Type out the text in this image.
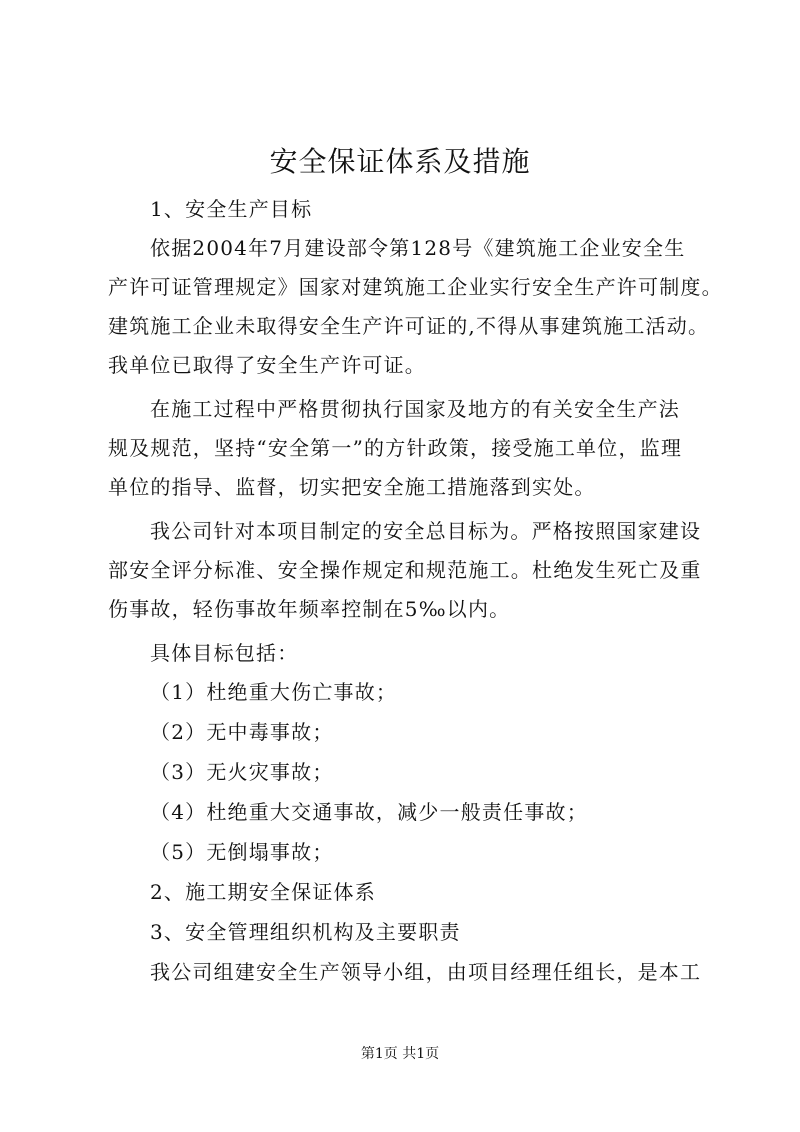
安全保证体系及措施

1、安全生产目标

依据2004年7月建设部令第128号《建筑施工企业安全生

产许可证管理规定》国家对建筑施工企业实行安全生产许可制度。

建筑施工企业未取得安全生产许可证的,不得从事建筑施工活动。

我单位已取得了安全生产许可证。

在施工过程中严格贯彻执行国家及地方的有关安全生产法

规及规范，坚持“安全第一”的方针政策，接受施工单位，监理

单位的指导、监督，切实把安全施工措施落到实处。

我公司针对本项目制定的安全总目标为。严格按照国家建设

部安全评分标准、安全操作规定和规范施工。杜绝发生死亡及重

伤事故，轻伤事故年频率控制在5‰以内。

具体目标包括：

（1）杜绝重大伤亡事故；

（2）无中毒事故；

（3）无火灾事故；

（4）杜绝重大交通事故，减少一般责任事故；

（5）无倒塌事故；

2、施工期安全保证体系

3、安全管理组织机构及主要职责

我公司组建安全生产领导小组，由项目经理任组长，是本工

第1页 共1页
